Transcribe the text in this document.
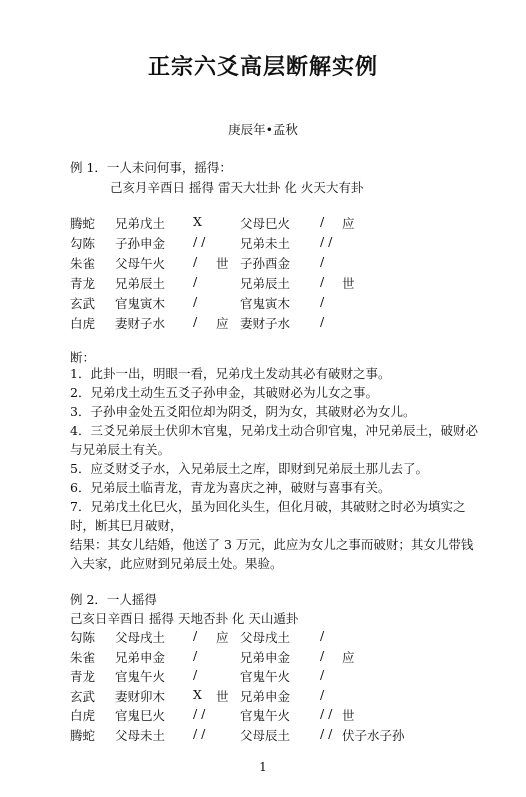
正宗六爻高层断解实例
庚辰年•孟秋
例 1．一人未问何事，摇得：
己亥月辛酉日 摇得 雷天大壮卦 化 火天大有卦
腾蛇 兄弟戊土 X	父母巳火 / 应
勾陈 子孙申金 / /	兄弟未土 / /
朱雀 父母午火 / 世 子孙酉金 /
青龙 兄弟辰土 /	兄弟辰土 / 世
玄武 官鬼寅木 /	官鬼寅木 /
白虎 妻财子水 / 应 妻财子水 /
断：
1．此卦一出，明眼一看，兄弟戊土发动其必有破财之事。
2．兄弟戊土动生五爻子孙申金，其破财必为儿女之事。
3．子孙申金处五爻阳位却为阴爻，阴为女，其破财必为女儿。
4．三爻兄弟辰土伏卯木官鬼，兄弟戊土动合卯官鬼，冲兄弟辰土，破财必与兄弟辰土有关。
5．应爻财爻子水，入兄弟辰土之库，即财到兄弟辰土那儿去了。
6．兄弟辰土临青龙，青龙为喜庆之神，破财与喜事有关。
7．兄弟戊土化巳火，虽为回化头生，但化月破，其破财之时必为填实之时，断其巳月破财，
结果：其女儿结婚，他送了 3 万元，此应为女儿之事而破财；其女儿带钱入夫家，此应财到兄弟辰土处。果验。
例 2．一人摇得
己亥日辛酉日 摇得 天地否卦 化 天山遁卦
勾陈 父母戌土 / 应 父母戌土 /
朱雀 兄弟申金 /	兄弟申金 / 应
青龙 官鬼午火 /	官鬼午火 /
玄武 妻财卯木 X 世 兄弟申金 /
白虎 官鬼巳火 / /	官鬼午火 / / 世
腾蛇 父母未土 / /	父母辰土 / / 伏子水子孙
1
